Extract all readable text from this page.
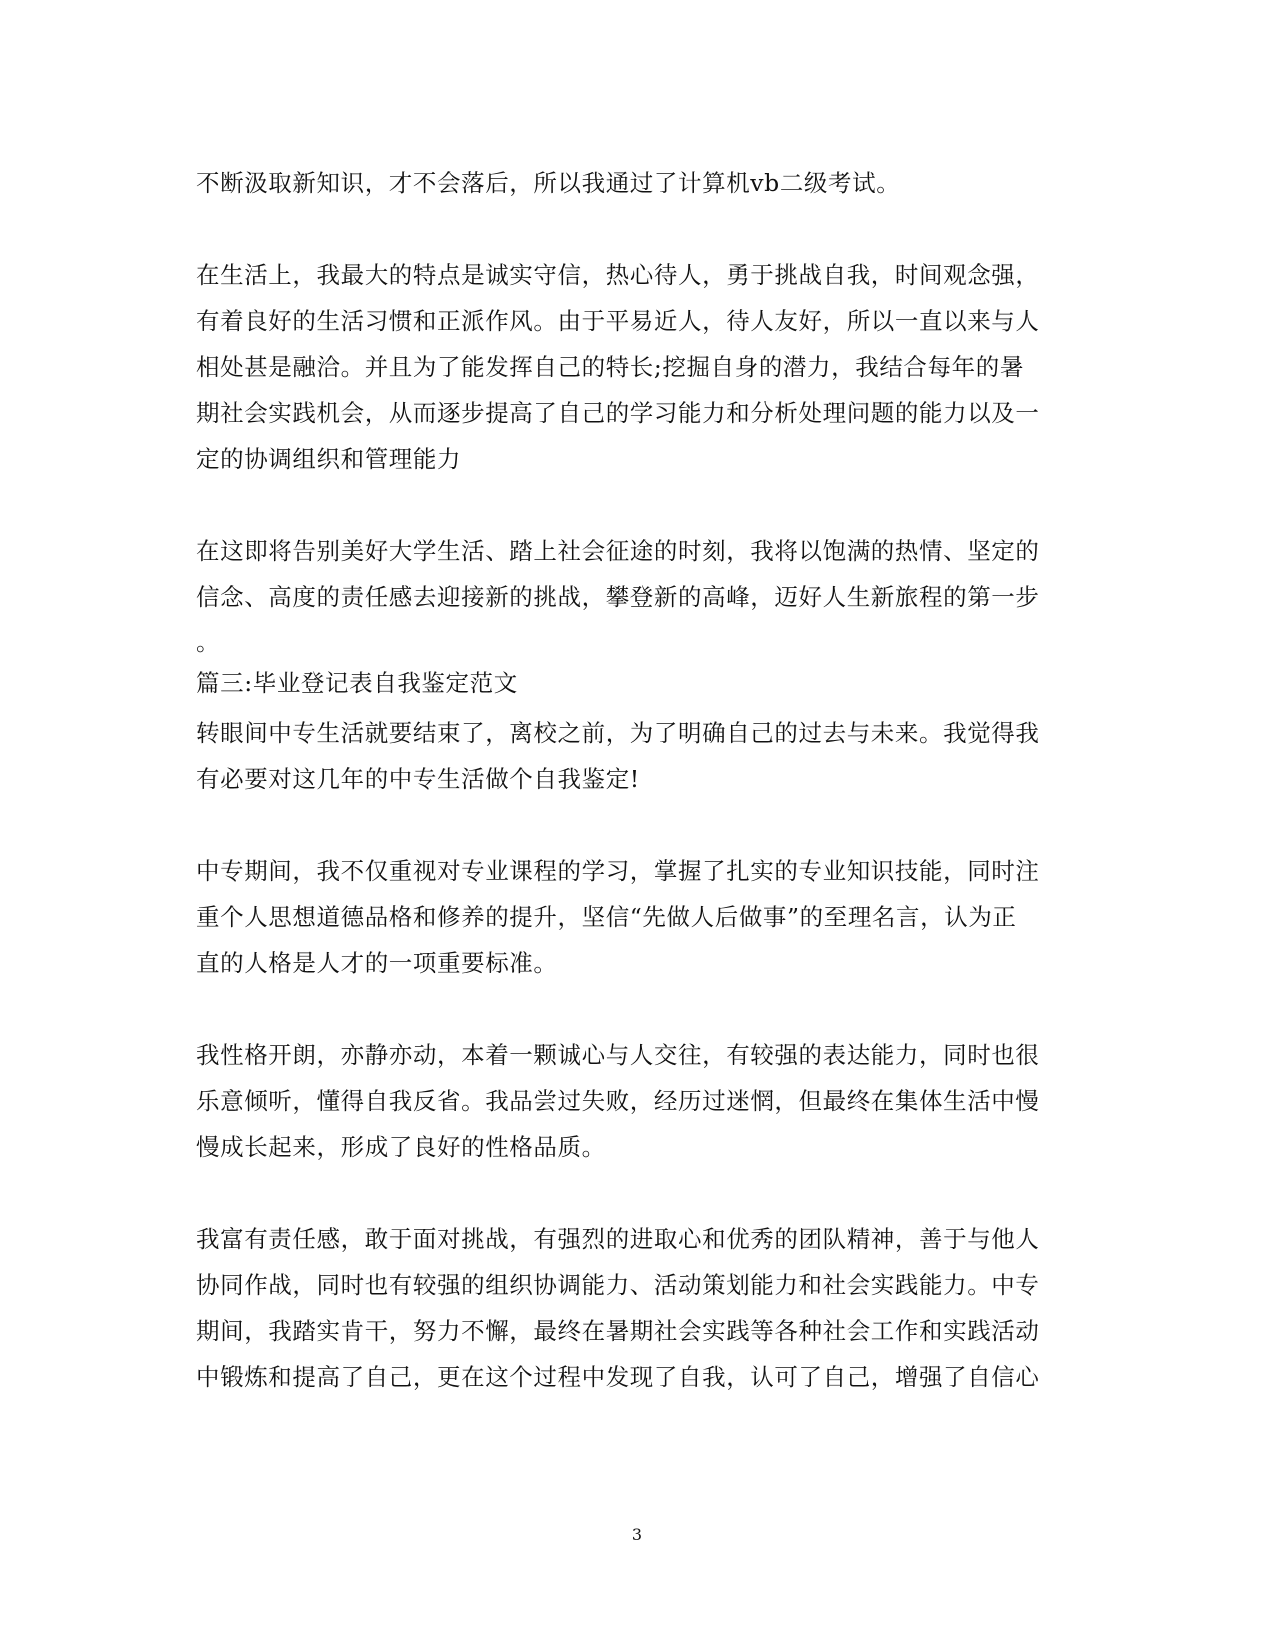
不断汲取新知识，才不会落后，所以我通过了计算机vb二级考试。
在生活上，我最大的特点是诚实守信，热心待人，勇于挑战自我，时间观念强，
有着良好的生活习惯和正派作风。由于平易近人，待人友好，所以一直以来与人
相处甚是融洽。并且为了能发挥自己的特长;挖掘自身的潜力，我结合每年的暑
期社会实践机会，从而逐步提高了自己的学习能力和分析处理问题的能力以及一
定的协调组织和管理能力
在这即将告别美好大学生活、踏上社会征途的时刻，我将以饱满的热情、坚定的
信念、高度的责任感去迎接新的挑战，攀登新的高峰，迈好人生新旅程的第一步
。
篇三:毕业登记表自我鉴定范文
转眼间中专生活就要结束了，离校之前，为了明确自己的过去与未来。我觉得我
有必要对这几年的中专生活做个自我鉴定!
中专期间，我不仅重视对专业课程的学习，掌握了扎实的专业知识技能，同时注
重个人思想道德品格和修养的提升，坚信“先做人后做事”的至理名言，认为正
直的人格是人才的一项重要标准。
我性格开朗，亦静亦动，本着一颗诚心与人交往，有较强的表达能力，同时也很
乐意倾听，懂得自我反省。我品尝过失败，经历过迷惘，但最终在集体生活中慢
慢成长起来，形成了良好的性格品质。
我富有责任感，敢于面对挑战，有强烈的进取心和优秀的团队精神，善于与他人
协同作战，同时也有较强的组织协调能力、活动策划能力和社会实践能力。中专
期间，我踏实肯干，努力不懈，最终在暑期社会实践等各种社会工作和实践活动
中锻炼和提高了自己，更在这个过程中发现了自我，认可了自己，增强了自信心
3
